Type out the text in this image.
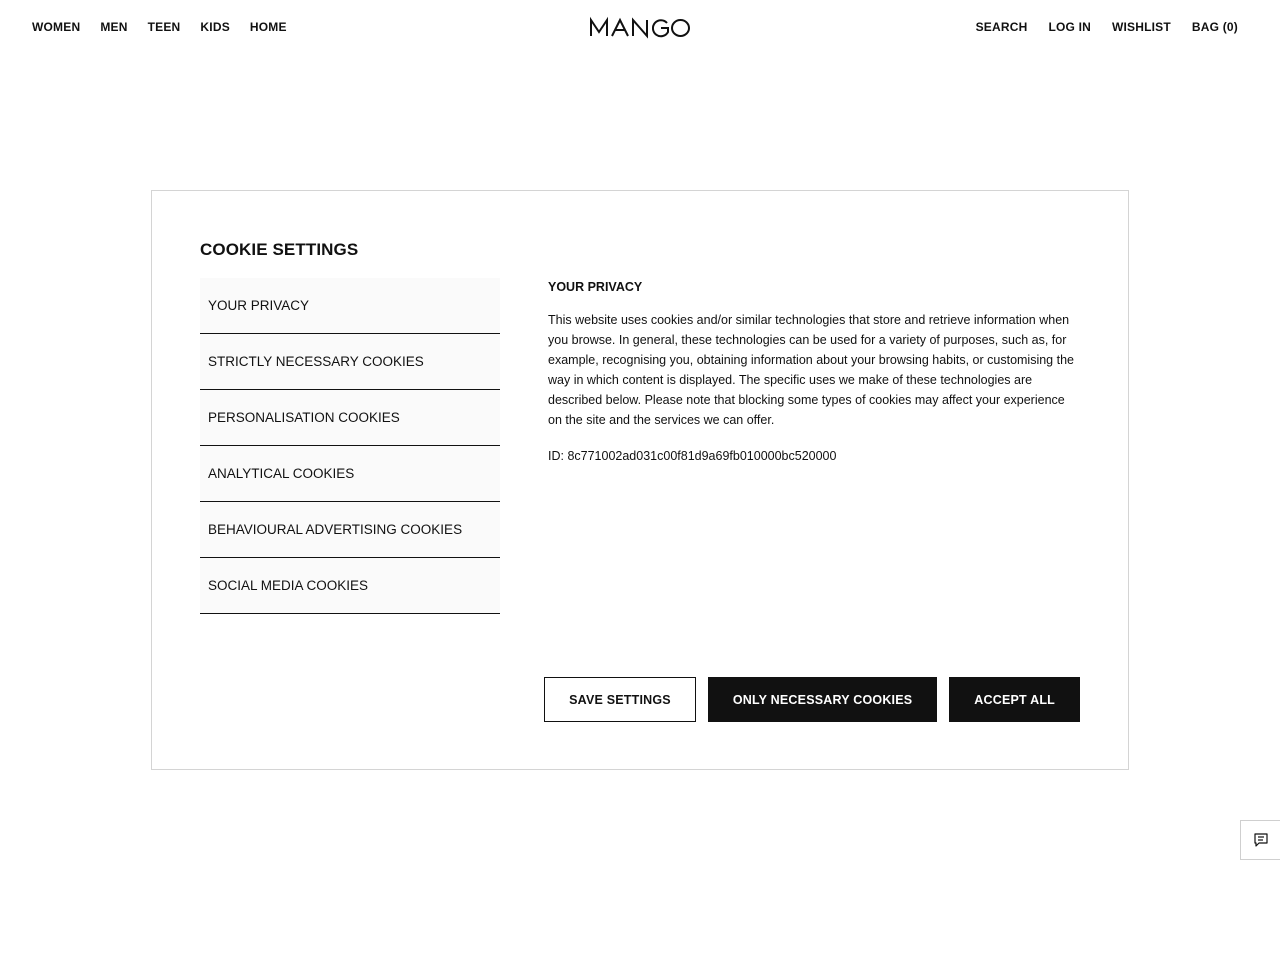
WOMEN MEN TEEN KIDS HOME	SEARCH LOG IN WISHLIST BAG (0)
COOKIE SETTINGS
YOUR PRIVACY
STRICTLY NECESSARY COOKIES
PERSONALISATION COOKIES
ANALYTICAL COOKIES
BEHAVIOURAL ADVERTISING COOKIES
SOCIAL MEDIA COOKIES
YOUR PRIVACY

This website uses cookies and/or similar technologies that store and retrieve information when you browse. In general, these technologies can be used for a variety of purposes, such as, for example, recognising you, obtaining information about your browsing habits, or customising the way in which content is displayed. The specific uses we make of these technologies are described below. Please note that blocking some types of cookies may affect your experience on the site and the services we can offer.

ID: 8c771002ad031c00f81d9a69fb010000bc520000

SAVE SETTINGS	ONLY NECESSARY COOKIES	ACCEPT ALL
